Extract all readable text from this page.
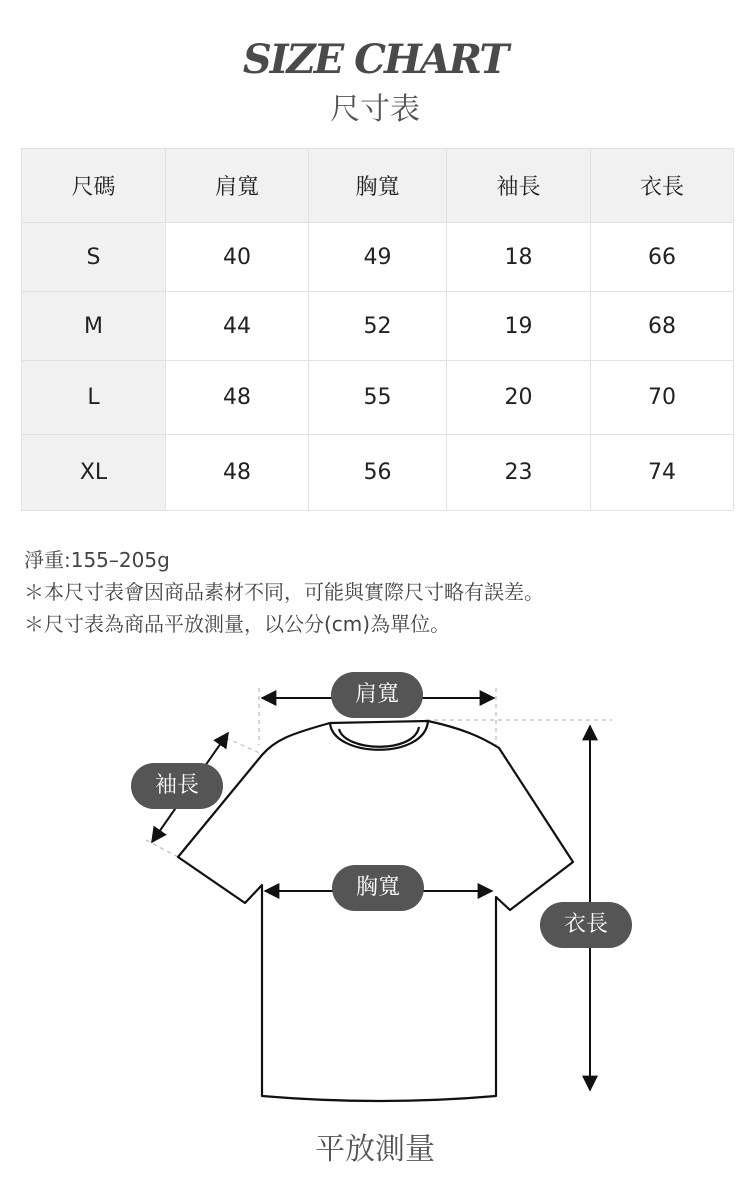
SIZE CHART
尺寸表
尺碼	肩寬	胸寬	袖長	衣長
S	40	49	18	66
M	44	52	19	68
L	48	55	20	70
XL	48	56	23	74
淨重:155–205g
＊本尺寸表會因商品素材不同，可能與實際尺寸略有誤差。
＊尺寸表為商品平放測量，以公分(cm)為單位。
肩寬
袖長
胸寬
衣長
平放測量
